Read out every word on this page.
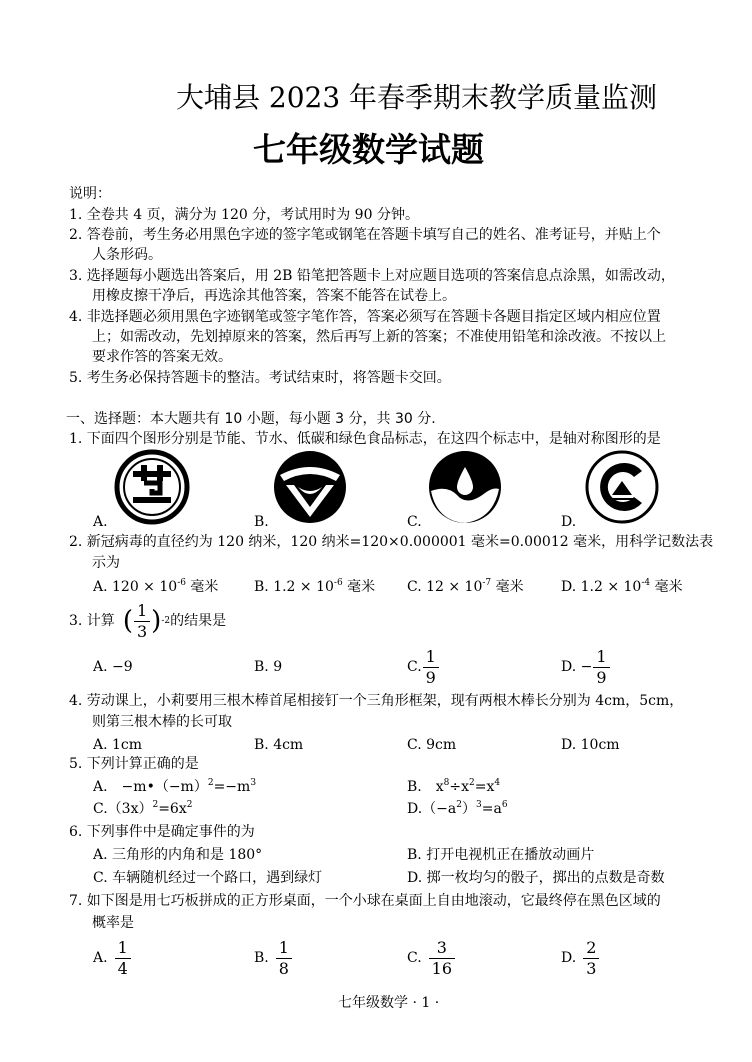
大埔县 2023 年春季期末教学质量监测
七年级数学试题
说明：
1. 全卷共 4 页，满分为 120 分，考试用时为 90 分钟。
2. 答卷前，考生务必用黑色字迹的签字笔或钢笔在答题卡填写自己的姓名、准考证号，并贴上个
人条形码。
3. 选择题每小题选出答案后，用 2B 铅笔把答题卡上对应题目选项的答案信息点涂黑，如需改动，
用橡皮擦干净后，再选涂其他答案，答案不能答在试卷上。
4. 非选择题必须用黑色字迹钢笔或签字笔作答，答案必须写在答题卡各题目指定区域内相应位置
上；如需改动，先划掉原来的答案，然后再写上新的答案；不准使用铅笔和涂改液。不按以上
要求作答的答案无效。
5. 考生务必保持答题卡的整洁。考试结束时，将答题卡交回。
一、选择题：本大题共有 10 小题，每小题 3 分，共 30 分.
1. 下面四个图形分别是节能、节水、低碳和绿色食品标志，在这四个标志中，是轴对称图形的是
A.	B.	C.	D.
2. 新冠病毒的直径约为 120 纳米，120 纳米=120×0.000001 毫米=0.00012 毫米，用科学记数法表
示为
A. $120 \times 10^{-6}$ 毫米	B. $1.2 \times 10^{-6}$ 毫米 C. $12 \times 10^{-7}$ 毫米	D. $1.2 \times 10^{-4}$ 毫米
3. 计算 ( $\frac{1}{3}$ ) -2 的结果是
A. −9	B. 9	C. $\frac{1}{9}$	D. − $\frac{1}{9}$
4. 劳动课上，小莉要用三根木棒首尾相接钉一个三角形框架，现有两根木棒长分别为 4cm，5cm，
则第三根木棒的长可取
A. 1cm	B. 4cm	C. 9cm	D. 10cm
5. 下列计算正确的是
A.　$-m•(-m)^2=-m^3$	B.　$x^8\div x^2=x^4$
$C.(3x)^2=6x^2$	$D.(-a^2)^3=a^6$
6. 下列事件中是确定事件的为
A. 三角形的内角和是 180°	B. 打开电视机正在播放动画片
C. 车辆随机经过一个路口，遇到绿灯	D. 掷一枚均匀的骰子，掷出的点数是奇数
7. 如下图是用七巧板拼成的正方形桌面，一个小球在桌面上自由地滚动，它最终停在黑色区域的
概率是
A. $\frac{1}{4}$	B. $\frac{1}{8}$	C. $\frac{3}{16}$	D. $\frac{2}{3}$
七年级数学 · 1 ·
